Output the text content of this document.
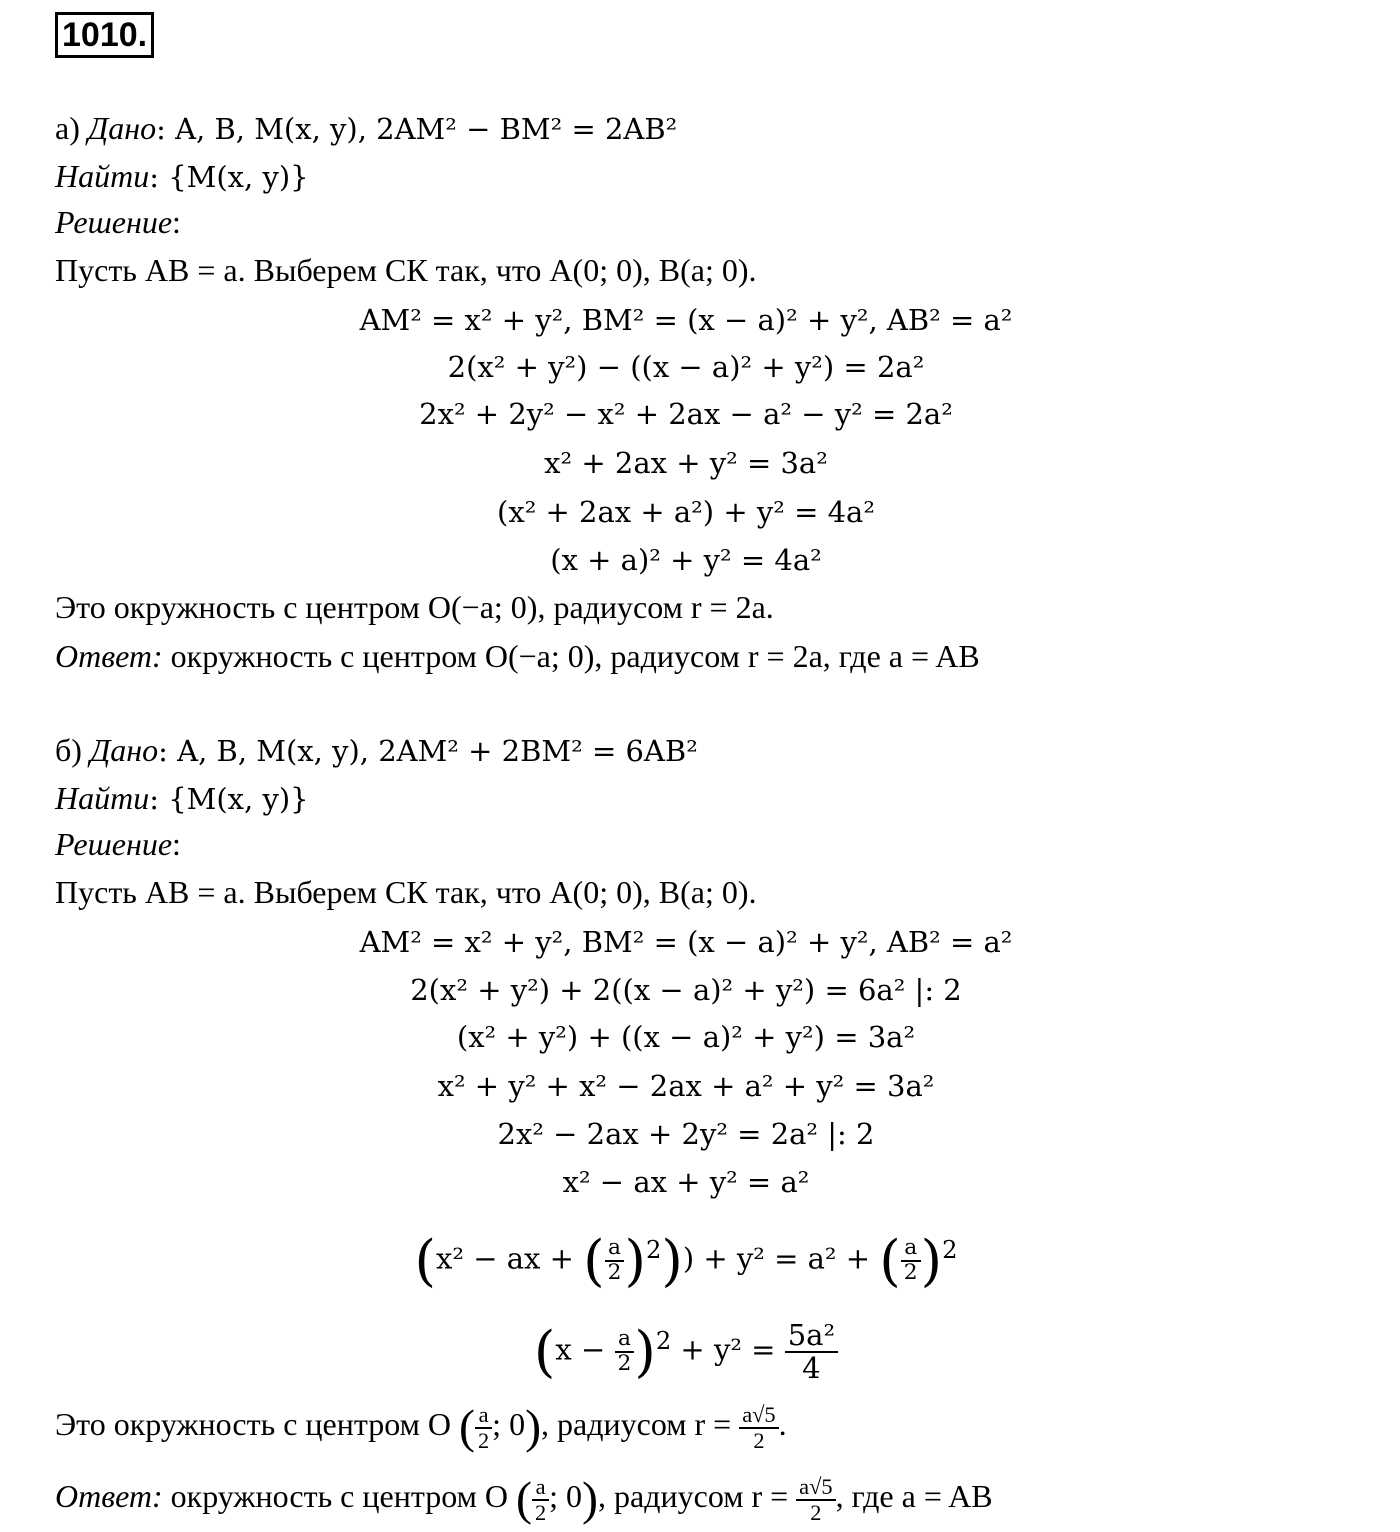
1010.
а) Дано: A, B, M(x, y), 2AM² − BM² = 2AB²
Найти: {M(x, y)}
Решение:
Пусть AB = a. Выберем СК так, что A(0; 0), B(a; 0).
AM² = x² + y², BM² = (x − a)² + y², AB² = a²
2(x² + y²) − ((x − a)² + y²) = 2a²
2x² + 2y² − x² + 2ax − a² − y² = 2a²
x² + 2ax + y² = 3a²
(x² + 2ax + a²) + y² = 4a²
(x + a)² + y² = 4a²
Это окружность с центром O(−a; 0), радиусом r = 2a.
Ответ: окружность с центром O(−a; 0), радиусом r = 2a, где a = AB
б) Дано: A, B, M(x, y), 2AM² + 2BM² = 6AB²
Найти: {M(x, y)}
Решение:
Пусть AB = a. Выберем СК так, что A(0; 0), B(a; 0).
AM² = x² + y², BM² = (x − a)² + y², AB² = a²
2(x² + y²) + 2((x − a)² + y²) = 6a² |: 2
(x² + y²) + ((x − a)² + y²) = 3a²
x² + y² + x² − 2ax + a² + y² = 3a²
2x² − 2ax + 2y² = 2a² |: 2
x² − ax + y² = a²
(x² − ax + ( $\frac{a}{2} )^2)) + y^2 = a^2$ + ( $\frac{a}{2} )^2$
$(x - \frac{a}{2} )^2 + y^2 = \frac{\text{5a²}}{4}$
Это окружность с центром O ( $\frac{a}{2}$ ; 0), радиусом $r = \frac{a√5}{2}$ .
Ответ: окружность с центром O ( $\frac{a}{2}$ ; 0), радиусом $r = \frac{a√5}{2}$ , где a = AB
